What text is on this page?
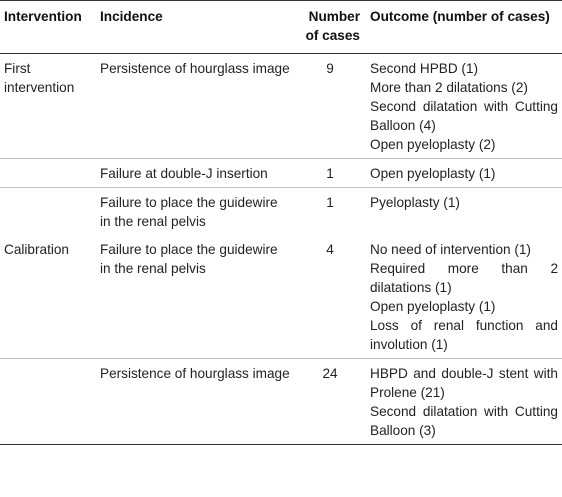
Intervention	Incidence	Number of cases	Outcome (number of cases)
First intervention	Persistence of hourglass image	9	Second HPBD (1)
More than 2 dilatations (2)
Second dilatation with Cutting Balloon (4)
Open pyeloplasty (2)

	Failure at double-J insertion	1	Open pyeloplasty (1)

	Failure to place the guidewire in the renal pelvis	1	Pyeloplasty (1)

Calibration	Failure to place the guidewire in the renal pelvis	4	No need of intervention (1)
Required more than 2 dilatations (1)
Open pyeloplasty (1)
Loss of renal function and involution (1)

	Persistence of hourglass image	24	HBPD and double-J stent with Prolene (21)
Second dilatation with Cutting Balloon (3)
